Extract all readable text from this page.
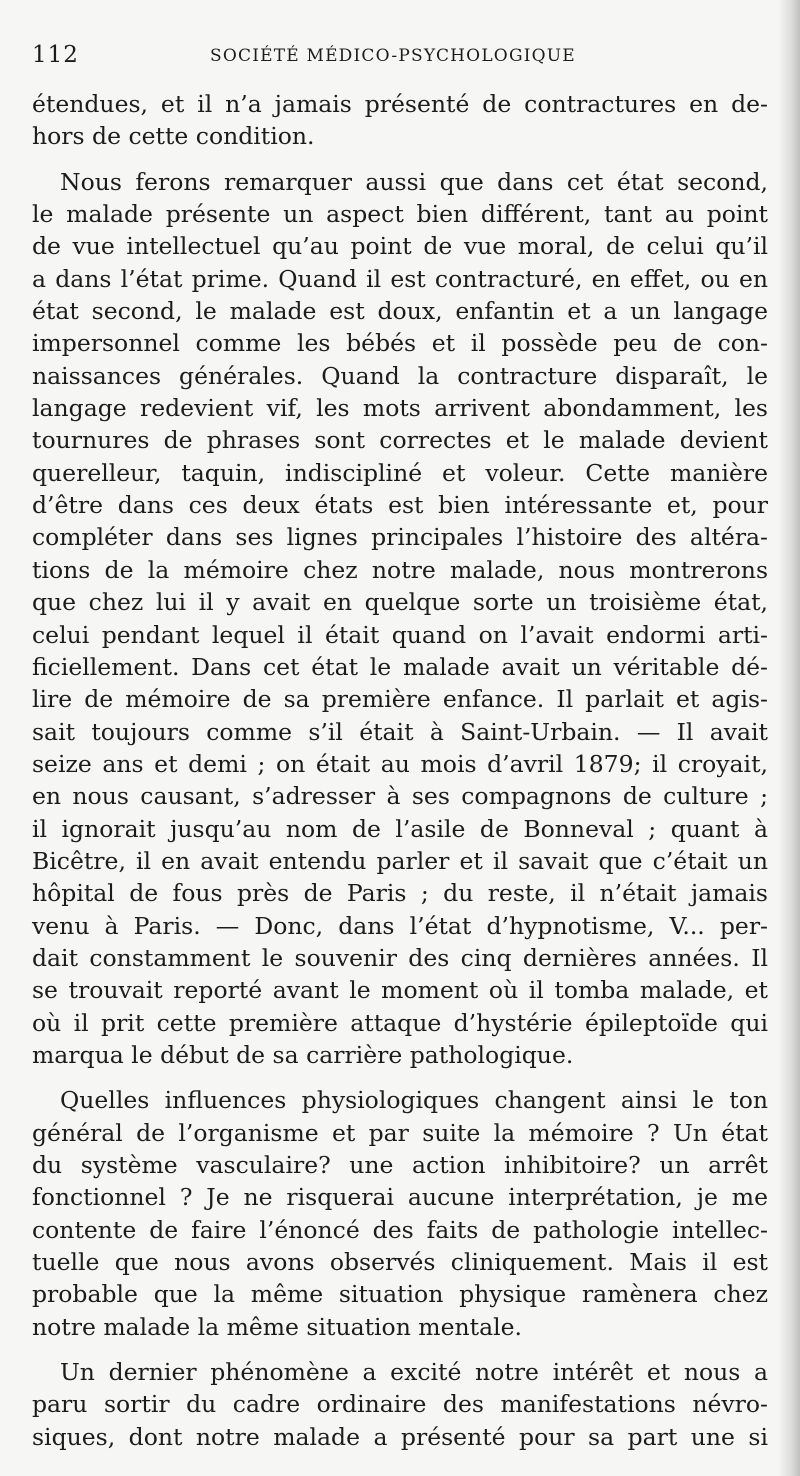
112	SOCIÉTÉ MÉDICO-PSYCHOLOGIQUE
étendues, et il n’a jamais présenté de contractures en de-
hors de cette condition.
Nous ferons remarquer aussi que dans cet état second,
le malade présente un aspect bien différent, tant au point
de vue intellectuel qu’au point de vue moral, de celui qu’il
a dans l’état prime. Quand il est contracturé, en effet, ou en
état second, le malade est doux, enfantin et a un langage
impersonnel comme les bébés et il possède peu de con-
naissances générales. Quand la contracture disparaît, le
langage redevient vif, les mots arrivent abondamment, les
tournures de phrases sont correctes et le malade devient
querelleur, taquin, indiscipliné et voleur. Cette manière
d’être dans ces deux états est bien intéressante et, pour
compléter dans ses lignes principales l’histoire des altéra-
tions de la mémoire chez notre malade, nous montrerons
que chez lui il y avait en quelque sorte un troisième état,
celui pendant lequel il était quand on l’avait endormi arti-
ficiellement. Dans cet état le malade avait un véritable dé-
lire de mémoire de sa première enfance. Il parlait et agis-
sait toujours comme s’il était à Saint-Urbain. — Il avait
seize ans et demi ; on était au mois d’avril 1879; il croyait,
en nous causant, s’adresser à ses compagnons de culture ;
il ignorait jusqu’au nom de l’asile de Bonneval ; quant à
Bicêtre, il en avait entendu parler et il savait que c’était un
hôpital de fous près de Paris ; du reste, il n’était jamais
venu à Paris. — Donc, dans l’état d’hypnotisme, V... per-
dait constamment le souvenir des cinq dernières années. Il
se trouvait reporté avant le moment où il tomba malade, et
où il prit cette première attaque d’hystérie épileptoïde qui
marqua le début de sa carrière pathologique.
Quelles influences physiologiques changent ainsi le ton
général de l’organisme et par suite la mémoire ? Un état
du système vasculaire? une action inhibitoire? un arrêt
fonctionnel ? Je ne risquerai aucune interprétation, je me
contente de faire l’énoncé des faits de pathologie intellec-
tuelle que nous avons observés cliniquement. Mais il est
probable que la même situation physique ramènera chez
notre malade la même situation mentale.
Un dernier phénomène a excité notre intérêt et nous a
paru sortir du cadre ordinaire des manifestations névro-
siques, dont notre malade a présenté pour sa part une si
